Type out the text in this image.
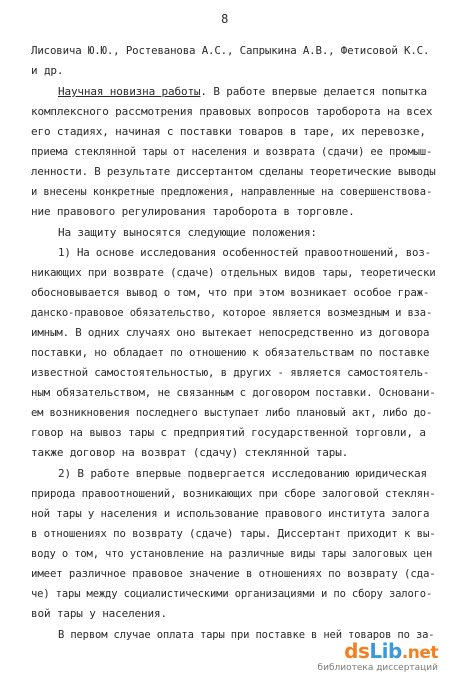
8
Лисовича Ю.Ю., Ростеванова А.С., Сапрыкина А.В., Фетисовой К.С.
и др.
Научная новизна работы. В работе впервые делается попытка
комплексного рассмотрения правовых вопросов тароборота на всех
его стадиях, начиная с поставки товаров в таре, их перевозке,
приема стеклянной тары от населения и возврата (сдачи) ее промыш-
ленности. В результате диссертантом сделаны теоретические выводы
и внесены конкретные предложения, направленные на совершенствова-
ние правового регулирования тароборота в торговле.
На защиту выносятся следующие положения:
1) На основе исследования особенностей правоотношений, воз-
никающих при возврате (сдаче) отдельных видов тары, теоретически
обосновывается вывод о том, что при этом возникает особое граж-
данско-правовое обязательство, которое является возмездным и вза-
имным. В одних случаях оно вытекает непосредственно из договора
поставки, но обладает по отношению к обязательствам по поставке
известной самостоятельностью, в других - является самостоятель-
ным обязательством, не связанным с договором поставки. Основани-
ем возникновения последнего выступает либо плановый акт, либо до-
говор на вывоз тары с предприятий государственной торговли, а
также договор на возврат (сдачу) стеклянной тары.
2) В работе впервые подвергается исследованию юридическая
природа правоотношений, возникающих при сборе залоговой стеклян-
ной тары у населения и использование правового института залога
в отношениях по возврату (сдаче) тары. Диссертант приходит к вы-
воду о том, что установление на различные виды тары залоговых цен
имеет различное правовое значение в отношениях по возврату (сда-
че) тары между социалистическими организациями и по сбору залого-
вой тары у населения.
В первом случае оплата тары при поставке в ней товаров по за-
dsLib.net
библиотека диссертаций
